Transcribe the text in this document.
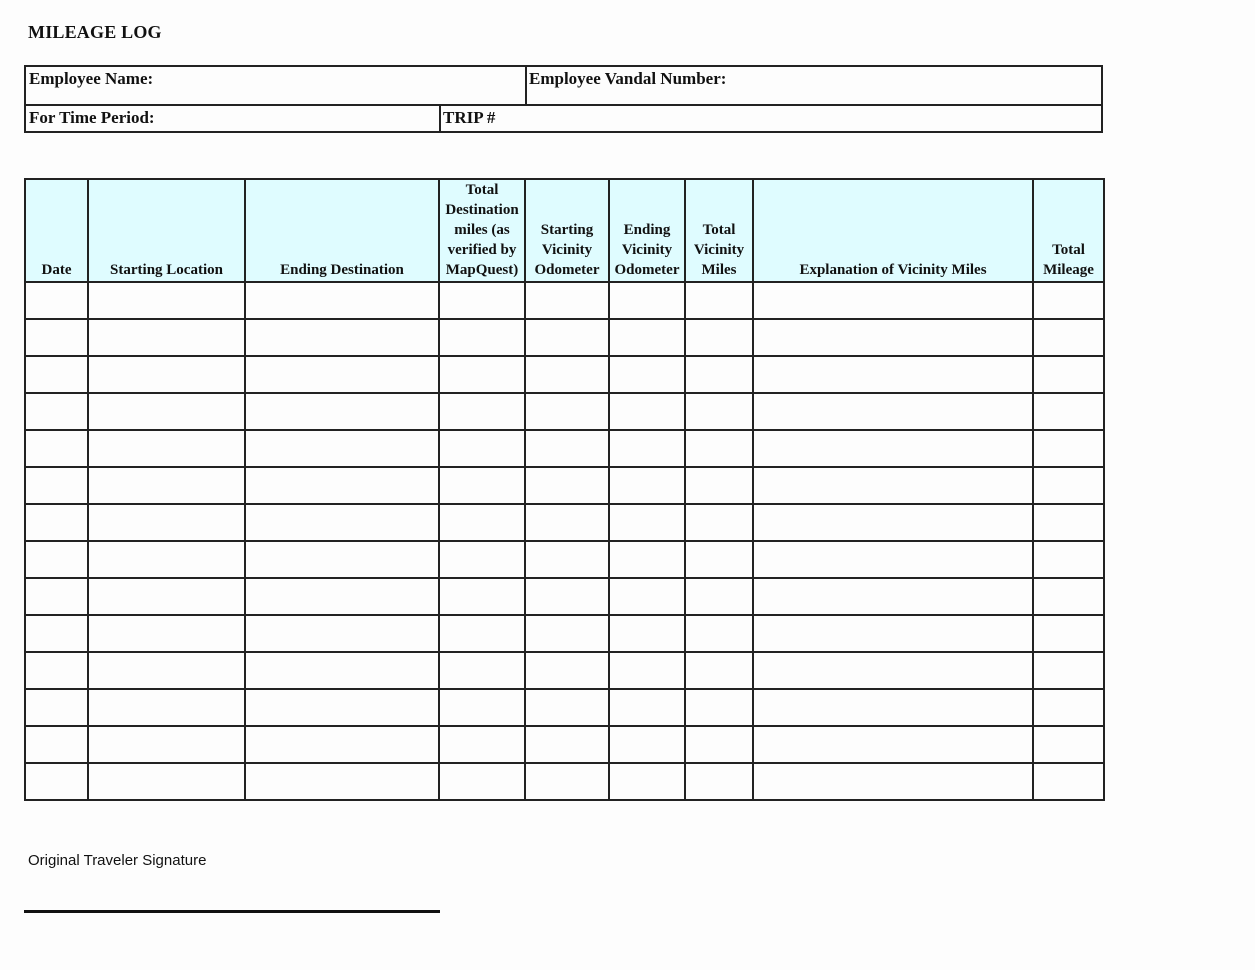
MILEAGE LOG
Employee Name:	Employee Vandal Number:
For Time Period:	TRIP #
Date	Starting Location	Ending Destination	Total Destination miles (as verified by MapQuest)	Starting Vicinity Odometer	Ending Vicinity Odometer	Total Vicinity Miles	Explanation of Vicinity Miles	Total Mileage

Original Traveler Signature
